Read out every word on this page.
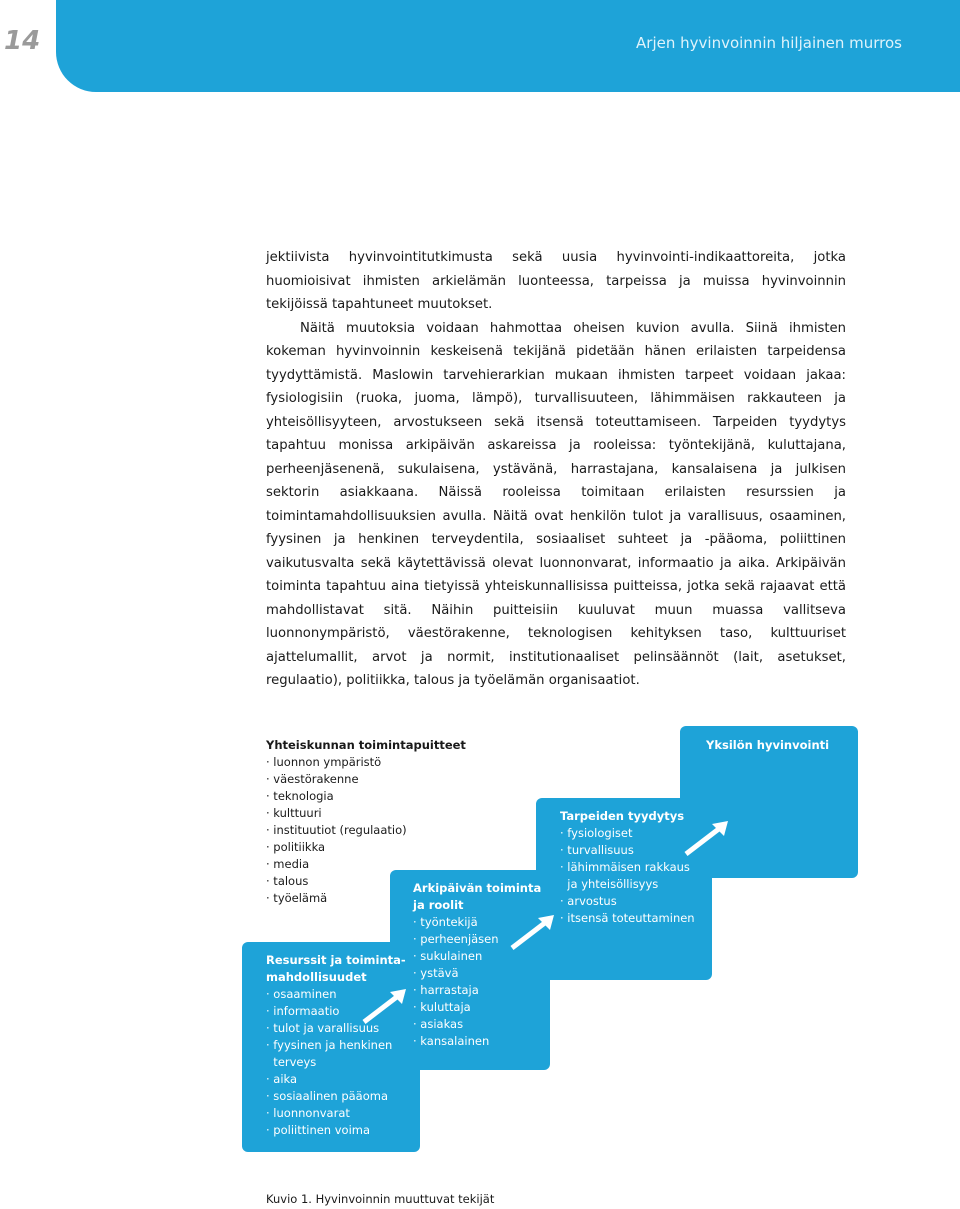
14	Arjen hyvinvoinnin hiljainen murros

jektiivista hyvinvointitutkimusta sekä uusia hyvinvointi-indikaattoreita, jotka huomioisivat ihmisten arkielämän luonteessa, tarpeissa ja muissa hyvinvoinnin tekijöissä tapahtuneet muutokset.

Näitä muutoksia voidaan hahmottaa oheisen kuvion avulla. Siinä ihmisten kokeman hyvinvoinnin keskeisenä tekijänä pidetään hänen erilaisten tarpeidensa tyydyttämistä. Maslowin tarvehierarkian mukaan ihmisten tarpeet voidaan jakaa: fysiologisiin (ruoka, juoma, lämpö), turvallisuuteen, lähimmäisen rakkauteen ja yhteisöllisyyteen, arvostukseen sekä itsensä toteuttamiseen. Tarpeiden tyydytys tapahtuu monissa arkipäivän askareissa ja rooleissa: työntekijänä, kuluttajana, perheenjäsenenä, sukulaisena, ystävänä, harrastajana, kansalaisena ja julkisen sektorin asiakkaana. Näissä rooleissa toimitaan erilaisten resurssien ja toimintamahdollisuuksien avulla. Näitä ovat henkilön tulot ja varallisuus, osaaminen, fyysinen ja henkinen terveydentila, sosiaaliset suhteet ja -pääoma, poliittinen vaikutusvalta sekä käytettävissä olevat luonnonvarat, informaatio ja aika. Arkipäivän toiminta tapahtuu aina tietyissä yhteiskunnallisissa puitteissa, jotka sekä rajaavat että mahdollistavat sitä. Näihin puitteisiin kuuluvat muun muassa vallitseva luonnonympäristö, väestörakenne, teknologisen kehityksen taso, kulttuuriset ajattelumallit, arvot ja normit, institutionaaliset pelinsäännöt (lait, asetukset, regulaatio), politiikka, talous ja työelämän organisaatiot.

Yhteiskunnan toimintapuitteet

· luonnon ympäristö
· väestörakenne
· teknologia
· kulttuuri
· instituutiot (regulaatio)
· politiikka
· media
· talous
· työelämä

Resurssit ja toiminta-

mahdollisuudet

· osaaminen
· informaatio
· tulot ja varallisuus
· fyysinen ja henkinen
terveys
· aika
· sosiaalinen pääoma
· luonnonvarat
· poliittinen voima

Arkipäivän toiminta

ja roolit

· työntekijä
· perheenjäsen
· sukulainen
· ystävä
· harrastaja
· kuluttaja
· asiakas
· kansalainen

Tarpeiden tyydytys

· fysiologiset
· turvallisuus
· lähimmäisen rakkaus
ja yhteisöllisyys
· arvostus
· itsensä toteuttaminen

Yksilön hyvinvointi

Kuvio 1. Hyvinvoinnin muuttuvat tekijät
